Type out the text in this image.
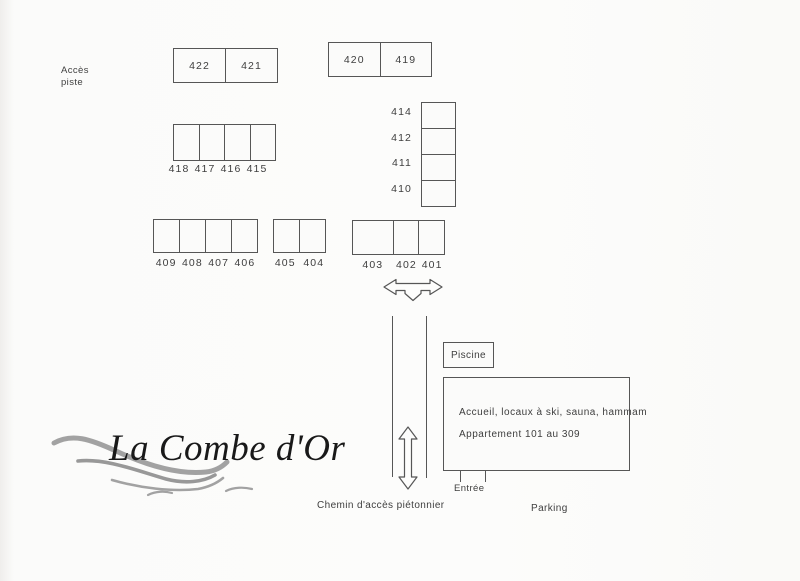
Accès
piste
422	421	420	419
418 417 416 415
414
412
411
410
409 408 407 406	405 404	403	402 401
Piscine
Accueil, locaux à ski, sauna, hammam
Appartement 101 au 309
Entrée
Chemin d'accès piétonnier	Parking
La Combe d'Or
